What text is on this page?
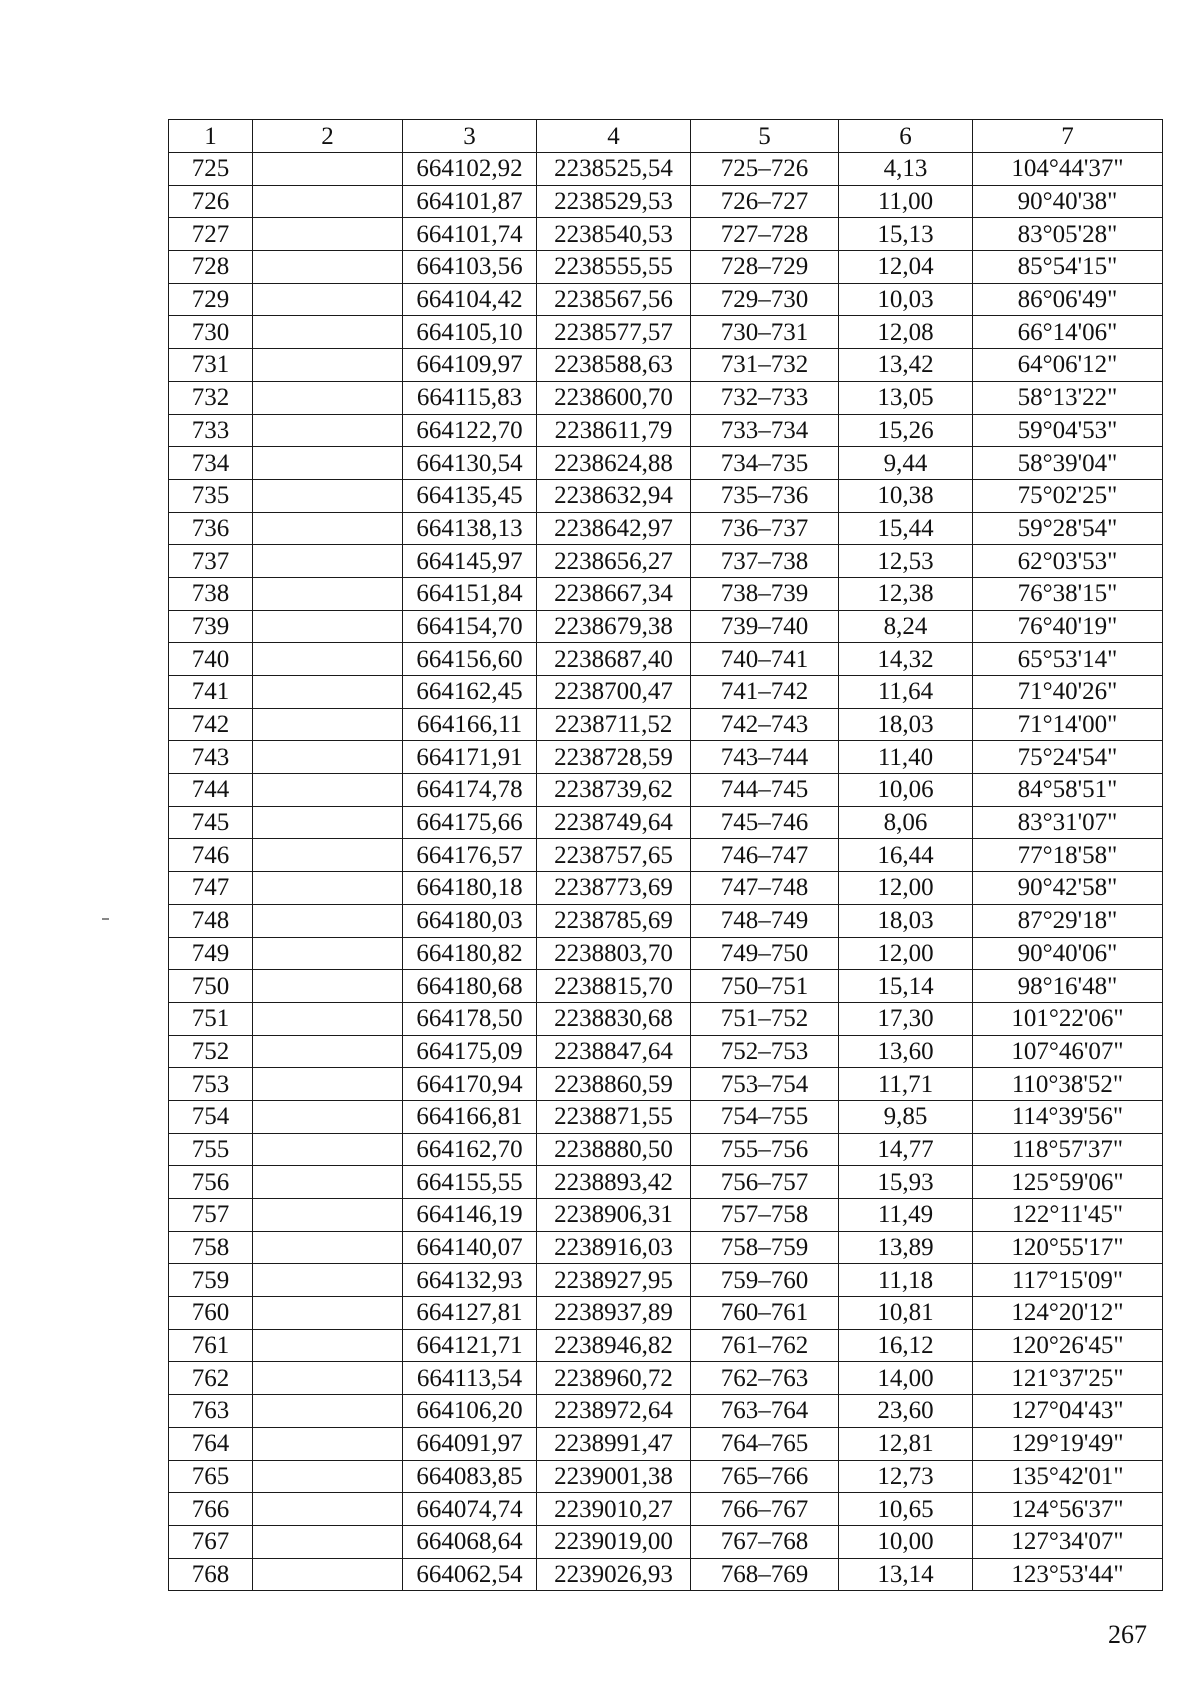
1	2	3	4	5	6	7
725		664102,92	2238525,54	725–726	4,13	104°44'37"
726		664101,87	2238529,53	726–727	11,00	90°40'38"
727		664101,74	2238540,53	727–728	15,13	83°05'28"
728		664103,56	2238555,55	728–729	12,04	85°54'15"
729		664104,42	2238567,56	729–730	10,03	86°06'49"
730		664105,10	2238577,57	730–731	12,08	66°14'06"
731		664109,97	2238588,63	731–732	13,42	64°06'12"
732		664115,83	2238600,70	732–733	13,05	58°13'22"
733		664122,70	2238611,79	733–734	15,26	59°04'53"
734		664130,54	2238624,88	734–735	9,44	58°39'04"
735		664135,45	2238632,94	735–736	10,38	75°02'25"
736		664138,13	2238642,97	736–737	15,44	59°28'54"
737		664145,97	2238656,27	737–738	12,53	62°03'53"
738		664151,84	2238667,34	738–739	12,38	76°38'15"
739		664154,70	2238679,38	739–740	8,24	76°40'19"
740		664156,60	2238687,40	740–741	14,32	65°53'14"
741		664162,45	2238700,47	741–742	11,64	71°40'26"
742		664166,11	2238711,52	742–743	18,03	71°14'00"
743		664171,91	2238728,59	743–744	11,40	75°24'54"
744		664174,78	2238739,62	744–745	10,06	84°58'51"
745		664175,66	2238749,64	745–746	8,06	83°31'07"
746		664176,57	2238757,65	746–747	16,44	77°18'58"
747		664180,18	2238773,69	747–748	12,00	90°42'58"
748		664180,03	2238785,69	748–749	18,03	87°29'18"
749		664180,82	2238803,70	749–750	12,00	90°40'06"
750		664180,68	2238815,70	750–751	15,14	98°16'48"
751		664178,50	2238830,68	751–752	17,30	101°22'06"
752		664175,09	2238847,64	752–753	13,60	107°46'07"
753		664170,94	2238860,59	753–754	11,71	110°38'52"
754		664166,81	2238871,55	754–755	9,85	114°39'56"
755		664162,70	2238880,50	755–756	14,77	118°57'37"
756		664155,55	2238893,42	756–757	15,93	125°59'06"
757		664146,19	2238906,31	757–758	11,49	122°11'45"
758		664140,07	2238916,03	758–759	13,89	120°55'17"
759		664132,93	2238927,95	759–760	11,18	117°15'09"
760		664127,81	2238937,89	760–761	10,81	124°20'12"
761		664121,71	2238946,82	761–762	16,12	120°26'45"
762		664113,54	2238960,72	762–763	14,00	121°37'25"
763		664106,20	2238972,64	763–764	23,60	127°04'43"
764		664091,97	2238991,47	764–765	12,81	129°19'49"
765		664083,85	2239001,38	765–766	12,73	135°42'01"
766		664074,74	2239010,27	766–767	10,65	124°56'37"
767		664068,64	2239019,00	767–768	10,00	127°34'07"
768		664062,54	2239026,93	768–769	13,14	123°53'44"
267
